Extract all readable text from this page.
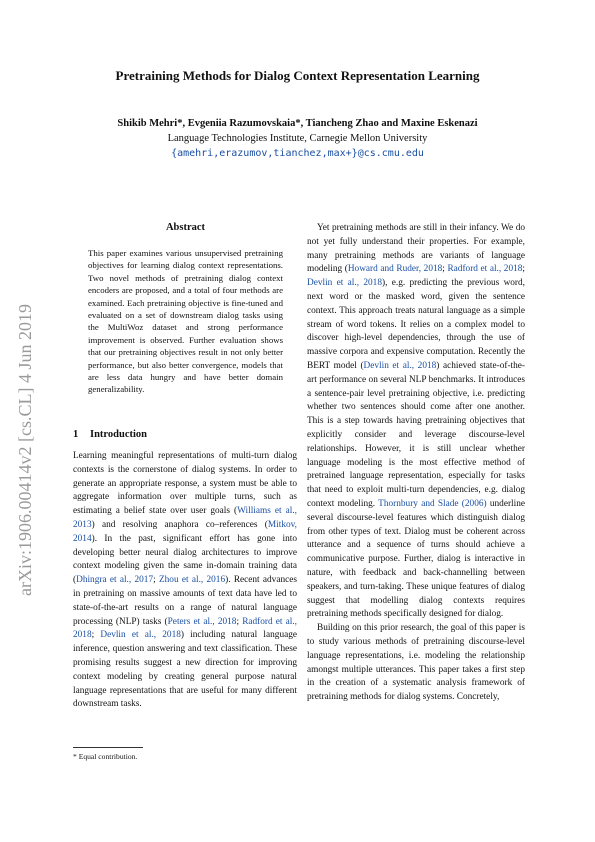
Pretraining Methods for Dialog Context Representation Learning
Shikib Mehri*, Evgeniia Razumovskaia*, Tiancheng Zhao and Maxine Eskenazi
Language Technologies Institute, Carnegie Mellon University
{amehri,erazumov,tianchez,max+}@cs.cmu.edu
arXiv:1906.00414v2 [cs.CL] 4 Jun 2019
Abstract
This paper examines various unsupervised pretraining objectives for learning dialog context representations. Two novel methods of pretraining dialog context encoders are proposed, and a total of four methods are examined. Each pretraining objective is fine-tuned and evaluated on a set of downstream dialog tasks using the MultiWoz dataset and strong performance improvement is observed. Further evaluation shows that our pretraining objectives result in not only better performance, but also better convergence, models that are less data hungry and have better domain generalizability.
1 Introduction

Learning meaningful representations of multi-turn dialog contexts is the cornerstone of dialog systems. In order to generate an appropriate response, a system must be able to aggregate information over multiple turns, such as estimating a belief state over user goals (Williams et al., 2013) and resolving anaphora co–references (Mitkov, 2014). In the past, significant effort has gone into developing better neural dialog architectures to improve context modeling given the same in-domain training data (Dhingra et al., 2017; Zhou et al., 2016). Recent advances in pretraining on massive amounts of text data have led to state-of-the-art results on a range of natural language processing (NLP) tasks (Peters et al., 2018; Radford et al., 2018; Devlin et al., 2018) including natural language inference, question answering and text classification. These promising results suggest a new direction for improving context modeling by creating general purpose natural language representations that are useful for many different downstream tasks.

* Equal contribution.

Yet pretraining methods are still in their infancy. We do not yet fully understand their properties. For example, many pretraining methods are variants of language modeling (Howard and Ruder, 2018; Radford et al., 2018; Devlin et al., 2018), e.g. predicting the previous word, next word or the masked word, given the sentence context. This approach treats natural language as a simple stream of word tokens. It relies on a complex model to discover high-level dependencies, through the use of massive corpora and expensive computation. Recently the BERT model (Devlin et al., 2018) achieved state-of-the-art performance on several NLP benchmarks. It introduces a sentence-pair level pretraining objective, i.e. predicting whether two sentences should come after one another. This is a step towards having pretraining objectives that explicitly consider and leverage discourse-level relationships. However, it is still unclear whether language modeling is the most effective method of pretrained language representation, especially for tasks that need to exploit multi-turn dependencies, e.g. dialog context modeling. Thornbury and Slade (2006) underline several discourse-level features which distinguish dialog from other types of text. Dialog must be coherent across utterance and a sequence of turns should achieve a communicative purpose. Further, dialog is interactive in nature, with feedback and back-channelling between speakers, and turn-taking. These unique features of dialog suggest that modelling dialog contexts requires pretraining methods specifically designed for dialog.

Building on this prior research, the goal of this paper is to study various methods of pretraining discourse-level language representations, i.e. modeling the relationship amongst multiple utterances. This paper takes a first step in the creation of a systematic analysis framework of pretraining methods for dialog systems. Concretely,
